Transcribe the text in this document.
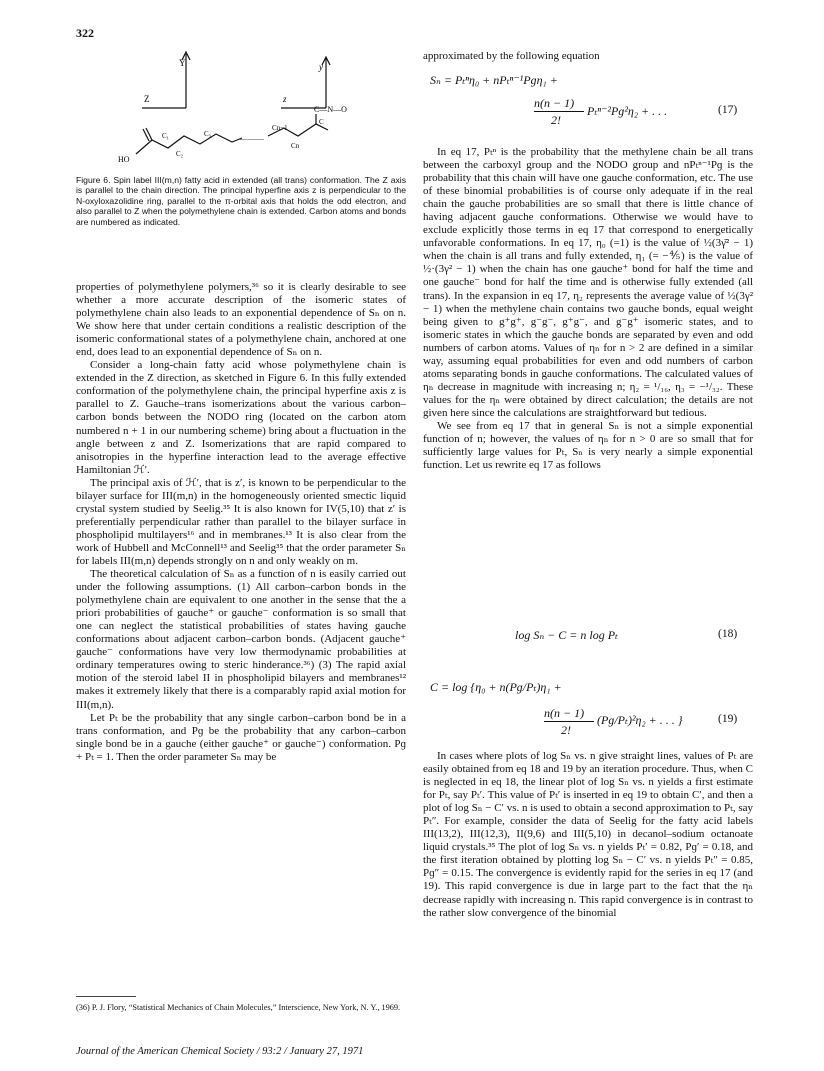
322
Y
Z
y
z
C—N—O
HO
C₁
C₂
C₃	............
Cn−1
Cn
C

Figure 6. Spin label III(m,n) fatty acid in extended (all trans) conformation. The Z axis is parallel to the chain direction. The principal hyperfine axis z is perpendicular to the N-oxyloxazolidine ring, parallel to the π-orbital axis that holds the odd electron, and also parallel to Z when the polymethylene chain is extended. Carbon atoms and bonds are numbered as indicated.

properties of polymethylene polymers,³⁶ so it is clearly desirable to see whether a more accurate description of the isomeric states of polymethylene chain also leads to an exponential dependence of Sₙ on n. We show here that under certain conditions a realistic description of the isomeric conformational states of a polymethylene chain, anchored at one end, does lead to an exponential dependence of Sₙ on n.

Consider a long-chain fatty acid whose polymethylene chain is extended in the Z direction, as sketched in Figure 6. In this fully extended conformation of the polymethylene chain, the principal hyperfine axis z is parallel to Z. Gauche–trans isomerizations about the various carbon–carbon bonds between the NODO ring (located on the carbon atom numbered n + 1 in our numbering scheme) bring about a fluctuation in the angle between z and Z. Isomerizations that are rapid compared to anisotropies in the hyperfine interaction lead to the average effective Hamiltonian ℋ′.

The principal axis of ℋ′, that is z′, is known to be perpendicular to the bilayer surface for III(m,n) in the homogeneously oriented smectic liquid crystal system studied by Seelig.³⁵ It is also known for IV(5,10) that z′ is preferentially perpendicular rather than parallel to the bilayer surface in phospholipid multilayers¹⁶ and in membranes.¹³ It is also clear from the work of Hubbell and McConnell¹³ and Seelig³⁵ that the order parameter Sₙ for labels III(m,n) depends strongly on n and only weakly on m.

The theoretical calculation of Sₙ as a function of n is easily carried out under the following assumptions. (1) All carbon–carbon bonds in the polymethylene chain are equivalent to one another in the sense that the a priori probabilities of gauche⁺ or gauche⁻ conformation is so small that one can neglect the statistical probabilities of states having gauche conformations about adjacent carbon–carbon bonds. (Adjacent gauche⁺ gauche⁻ conformations have very low thermodynamic probabilities at ordinary temperatures owing to steric hinderance.³⁶) (3) The rapid axial motion of the steroid label II in phospholipid bilayers and membranes¹² makes it extremely likely that there is a comparably rapid axial motion for III(m,n).

Let Pₜ be the probability that any single carbon–carbon bond be in a trans conformation, and Pɡ be the probability that any carbon–carbon single bond be in a gauche (either gauche⁺ or gauche⁻) conformation. Pɡ + Pₜ = 1. Then the order parameter Sₙ may be

(36) P. J. Flory, “Statistical Mechanics of Chain Molecules,” Interscience, New York, N. Y., 1969.

approximated by the following equation

Sₙ = Pₜⁿη₀ + nPₜⁿ⁻¹Pɡη₁ +
n(n − 1)
2!
Pₜⁿ⁻²Pɡ²η₂ + . . .	(17)

In eq 17, Pₜⁿ is the probability that the methylene chain be all trans between the carboxyl group and the NODO group and nPₜⁿ⁻¹Pɡ is the probability that this chain will have one gauche conformation, etc. The use of these binomial probabilities is of course only adequate if in the real chain the gauche probabilities are so small that there is little chance of having adjacent gauche conformations. Otherwise we would have to exclude explicitly those terms in eq 17 that correspond to energetically unfavorable conformations. In eq 17, η₀ (=1) is the value of ½(3γ̄² − 1) when the chain is all trans and fully extended, η₁ (= −⅘) is the value of ½·(3γ² − 1) when the chain has one gauche⁺ bond for half the time and one gauche⁻ bond for half the time and is otherwise fully extended (all trans). In the expansion in eq 17, η₂ represents the average value of ½(3γ² − 1) when the methylene chain contains two gauche bonds, equal weight being given to g⁺g⁺, g⁻g⁻, g⁺g⁻, and g⁻g⁺ isomeric states, and to isomeric states in which the gauche bonds are separated by even and odd numbers of carbon atoms. Values of ηₙ for n > 2 are defined in a similar way, assuming equal probabilities for even and odd numbers of carbon atoms separating bonds in gauche conformations. The calculated values of ηₙ decrease in magnitude with increasing n; η₂ = ¹/₁₆, η₃ = −¹/₃₂. These values for the ηₙ were obtained by direct calculation; the details are not given here since the calculations are straightforward but tedious.

We see from eq 17 that in general Sₙ is not a simple exponential function of n; however, the values of ηₙ for n > 0 are so small that for sufficiently large values for Pₜ, Sₙ is very nearly a simple exponential function. Let us rewrite eq 17 as follows

log Sₙ − C = n log Pₜ	(18)
C = log {η₀ + n(Pɡ/Pₜ)η₁ +
n(n − 1)
2!
(Pɡ/Pₜ)²η₂ + . . . }	(19)

In cases where plots of log Sₙ vs. n give straight lines, values of Pₜ are easily obtained from eq 18 and 19 by an iteration procedure. Thus, when C is neglected in eq 18, the linear plot of log Sₙ vs. n yields a first estimate for Pₜ, say Pₜ′. This value of Pₜ′ is inserted in eq 19 to obtain C′, and then a plot of log Sₙ − C′ vs. n is used to obtain a second approximation to Pₜ, say Pₜ″. For example, consider the data of Seelig for the fatty acid labels III(13,2), III(12,3), II(9,6) and III(5,10) in decanol–sodium octanoate liquid crystals.³⁵ The plot of log Sₙ vs. n yields Pₜ′ = 0.82, Pɡ′ = 0.18, and the first iteration obtained by plotting log Sₙ − C′ vs. n yields Pₜ″ = 0.85, Pɡ″ = 0.15. The convergence is evidently rapid for the series in eq 17 (and 19). This rapid convergence is due in large part to the fact that the ηₙ decrease rapidly with increasing n. This rapid convergence is in contrast to the rather slow convergence of the binomial

Journal of the American Chemical Society / 93:2 / January 27, 1971
